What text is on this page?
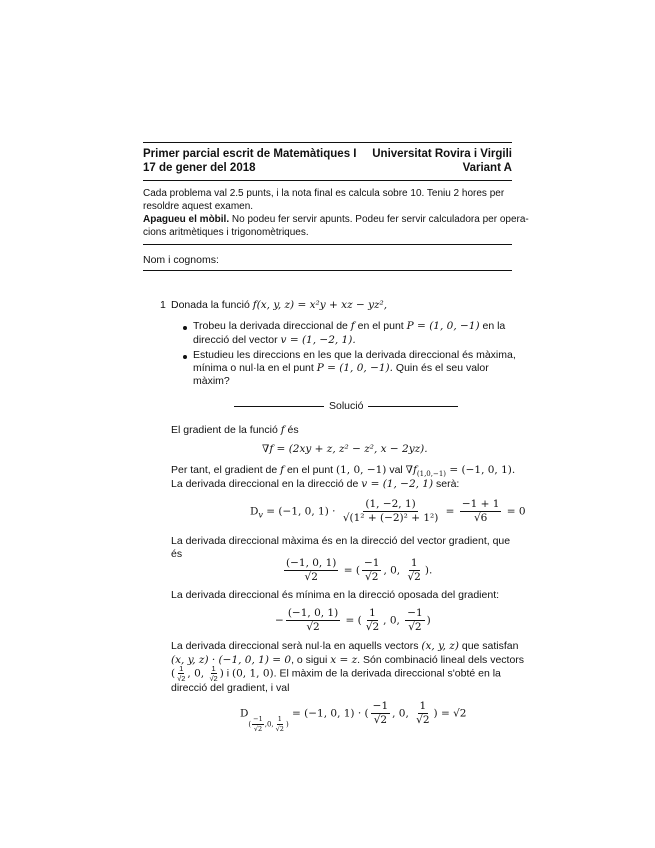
Primer parcial escrit de Matemàtiques I Universitat Rovira i Virgili
17 de gener del 2018	Variant A
Cada problema val 2.5 punts, i la nota final es calcula sobre 10. Teniu 2 hores per
resoldre aquest examen.
Apagueu el mòbil. No podeu fer servir apunts. Podeu fer servir calculadora per opera-
cions aritmètiques i trigonomètriques.
Nom i cognoms:
1 Donada la funció f(x, y, z) = x²y + xz − yz²,
Trobeu la derivada direccional de f en el punt P = (1, 0, −1) en la
direcció del vector v = (1, −2, 1).
Estudieu les direccions en les que la derivada direccional és màxima,
mínima o nul·la en el punt P = (1, 0, −1). Quin és el seu valor
màxim?
Solució
El gradient de la funció f és
∇f = (2xy + z, z² − z², x − 2yz).
Per tant, el gradient de f en el punt (1, 0, −1) val $\nabla f_{(1,0,-1)} = (-1$, 0, 1).
La derivada direccional en la direcció de v = (1, −2, 1) serà:
$D_v = (-1$, 0, $1) \cdot \frac{(1, -2, 1)}{\text{√(1² + (−2)² + 1²)}} = \frac{-1 + 1}{√6} = 0$
La derivada direccional màxima és en la direcció del vector gradient, que
és
$\frac{(-1, 0, 1)}{√2}$ = ( $\frac{-1}{√2}$ , 0, $\frac{1}{√2}$ ).
La derivada direccional és mínima en la direcció oposada del gradient:
− $\frac{(-1, 0, 1)}{√2}$ = ( $\frac{1}{√2}$ , 0, $\frac{-1}{√2}$ )
La derivada direccional serà nul·la en aquells vectors (x, y, z) que satisfan
(x, y, z) · (−1, 0, 1) = 0, o sigui x = z. Són combinació lineal dels vectors
( $\frac{1}{√2}$ , 0, $\frac{1}{√2}$ ) i (0, 1, 0). El màxim de la derivada direccional s'obté en la
direcció del gradient, i val
$D( \frac{-1}{√2} ,0$, $\frac{1}{√2}$ ) = (−1, 0, 1) · ( $\frac{-1}{√2}$ , 0, $\frac{1}{√2}$ ) = √2
